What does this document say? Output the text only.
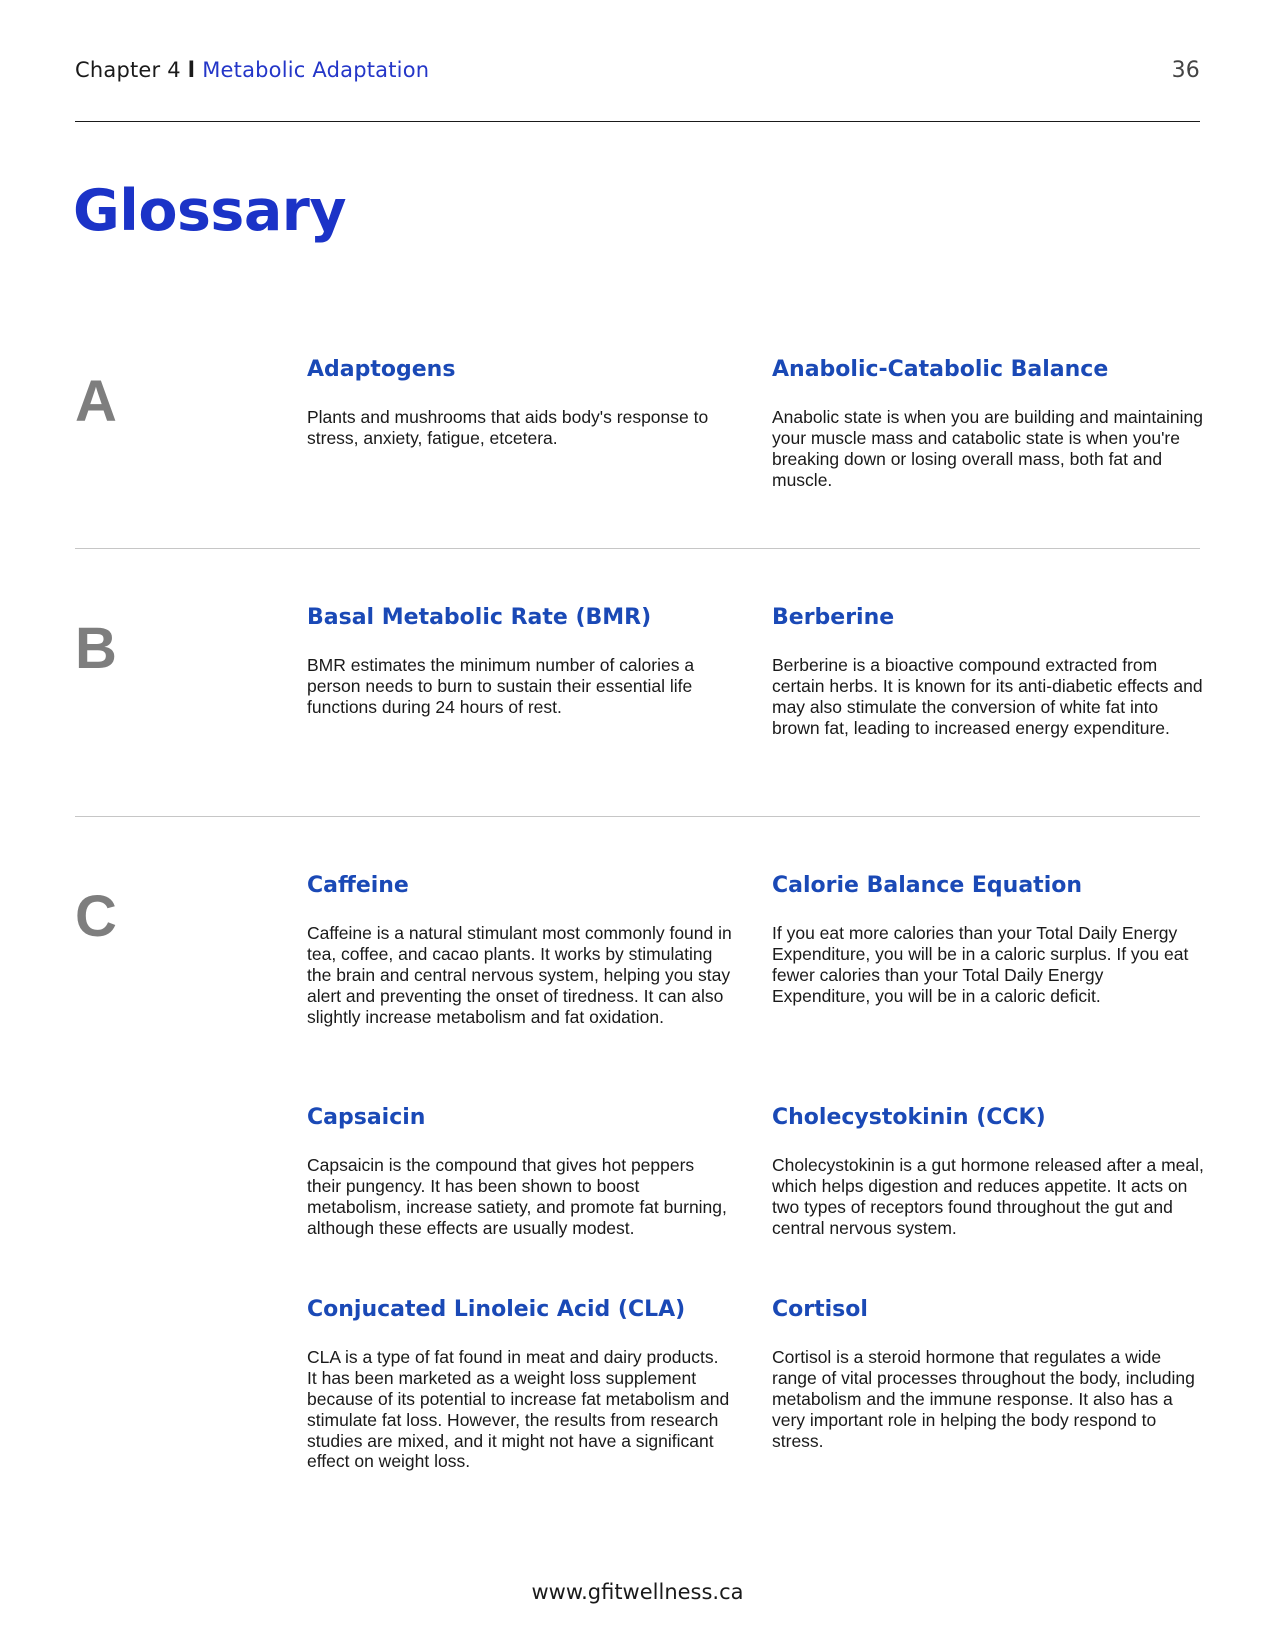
Chapter 4 l Metabolic Adaptation	36
Glossary
A	Adaptogens

Plants and mushrooms that aids body's response to stress, anxiety, fatigue, etcetera.

Anabolic-Catabolic Balance

Anabolic state is when you are building and maintaining your muscle mass and catabolic state is when you're breaking down or losing overall mass, both fat and muscle.

B	Basal Metabolic Rate (BMR)

BMR estimates the minimum number of calories a person needs to burn to sustain their essential life functions during 24 hours of rest.

Berberine

Berberine is a bioactive compound extracted from certain herbs. It is known for its anti-diabetic effects and may also stimulate the conversion of white fat into brown fat, leading to increased energy expenditure.

C	Caffeine

Caffeine is a natural stimulant most commonly found in tea, coffee, and cacao plants. It works by stimulating the brain and central nervous system, helping you stay alert and preventing the onset of tiredness. It can also slightly increase metabolism and fat oxidation.

Calorie Balance Equation

If you eat more calories than your Total Daily Energy Expenditure, you will be in a caloric surplus. If you eat fewer calories than your Total Daily Energy Expenditure, you will be in a caloric deficit.

Capsaicin

Capsaicin is the compound that gives hot peppers their pungency. It has been shown to boost metabolism, increase satiety, and promote fat burning, although these effects are usually modest.

Cholecystokinin (CCK)

Cholecystokinin is a gut hormone released after a meal, which helps digestion and reduces appetite. It acts on two types of receptors found throughout the gut and central nervous system.

Conjucated Linoleic Acid (CLA)

CLA is a type of fat found in meat and dairy products. It has been marketed as a weight loss supplement because of its potential to increase fat metabolism and stimulate fat loss. However, the results from research studies are mixed, and it might not have a significant effect on weight loss.

Cortisol

Cortisol is a steroid hormone that regulates a wide range of vital processes throughout the body, including metabolism and the immune response. It also has a very important role in helping the body respond to stress.

www.gfitwellness.ca
